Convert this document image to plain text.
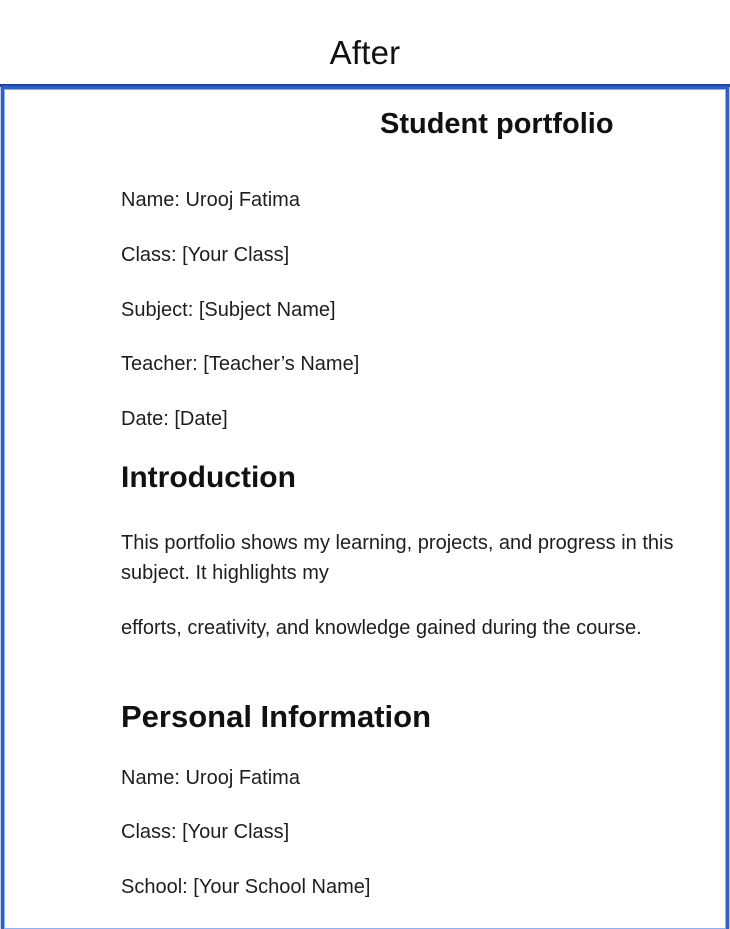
After
Student portfolio
Name: Urooj Fatima
Class: [Your Class]
Subject: [Subject Name]
Teacher: [Teacher’s Name]
Date: [Date]
Introduction
This portfolio shows my learning, projects, and progress in this subject. It highlights my
efforts, creativity, and knowledge gained during the course.
Personal Information
Name: Urooj Fatima
Class: [Your Class]
School: [Your School Name]
